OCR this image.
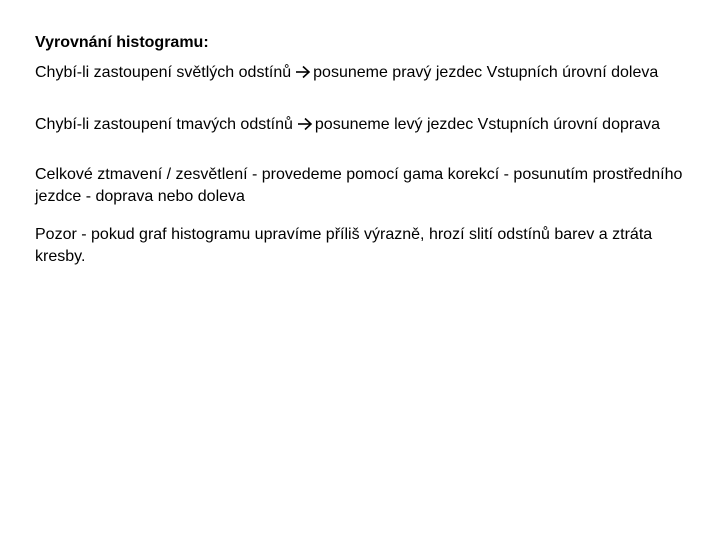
Vyrovnání histogramu:
Chybí-li zastoupení světlých odstínů posuneme pravý jezdec Vstupních úrovní doleva
Chybí-li zastoupení tmavých odstínů posuneme levý jezdec Vstupních úrovní doprava
Celkové ztmavení / zesvětlení - provedeme pomocí gama korekcí - posunutím prostředního jezdce - doprava nebo doleva
Pozor - pokud graf histogramu upravíme příliš výrazně, hrozí slití odstínů barev a ztráta kresby.
